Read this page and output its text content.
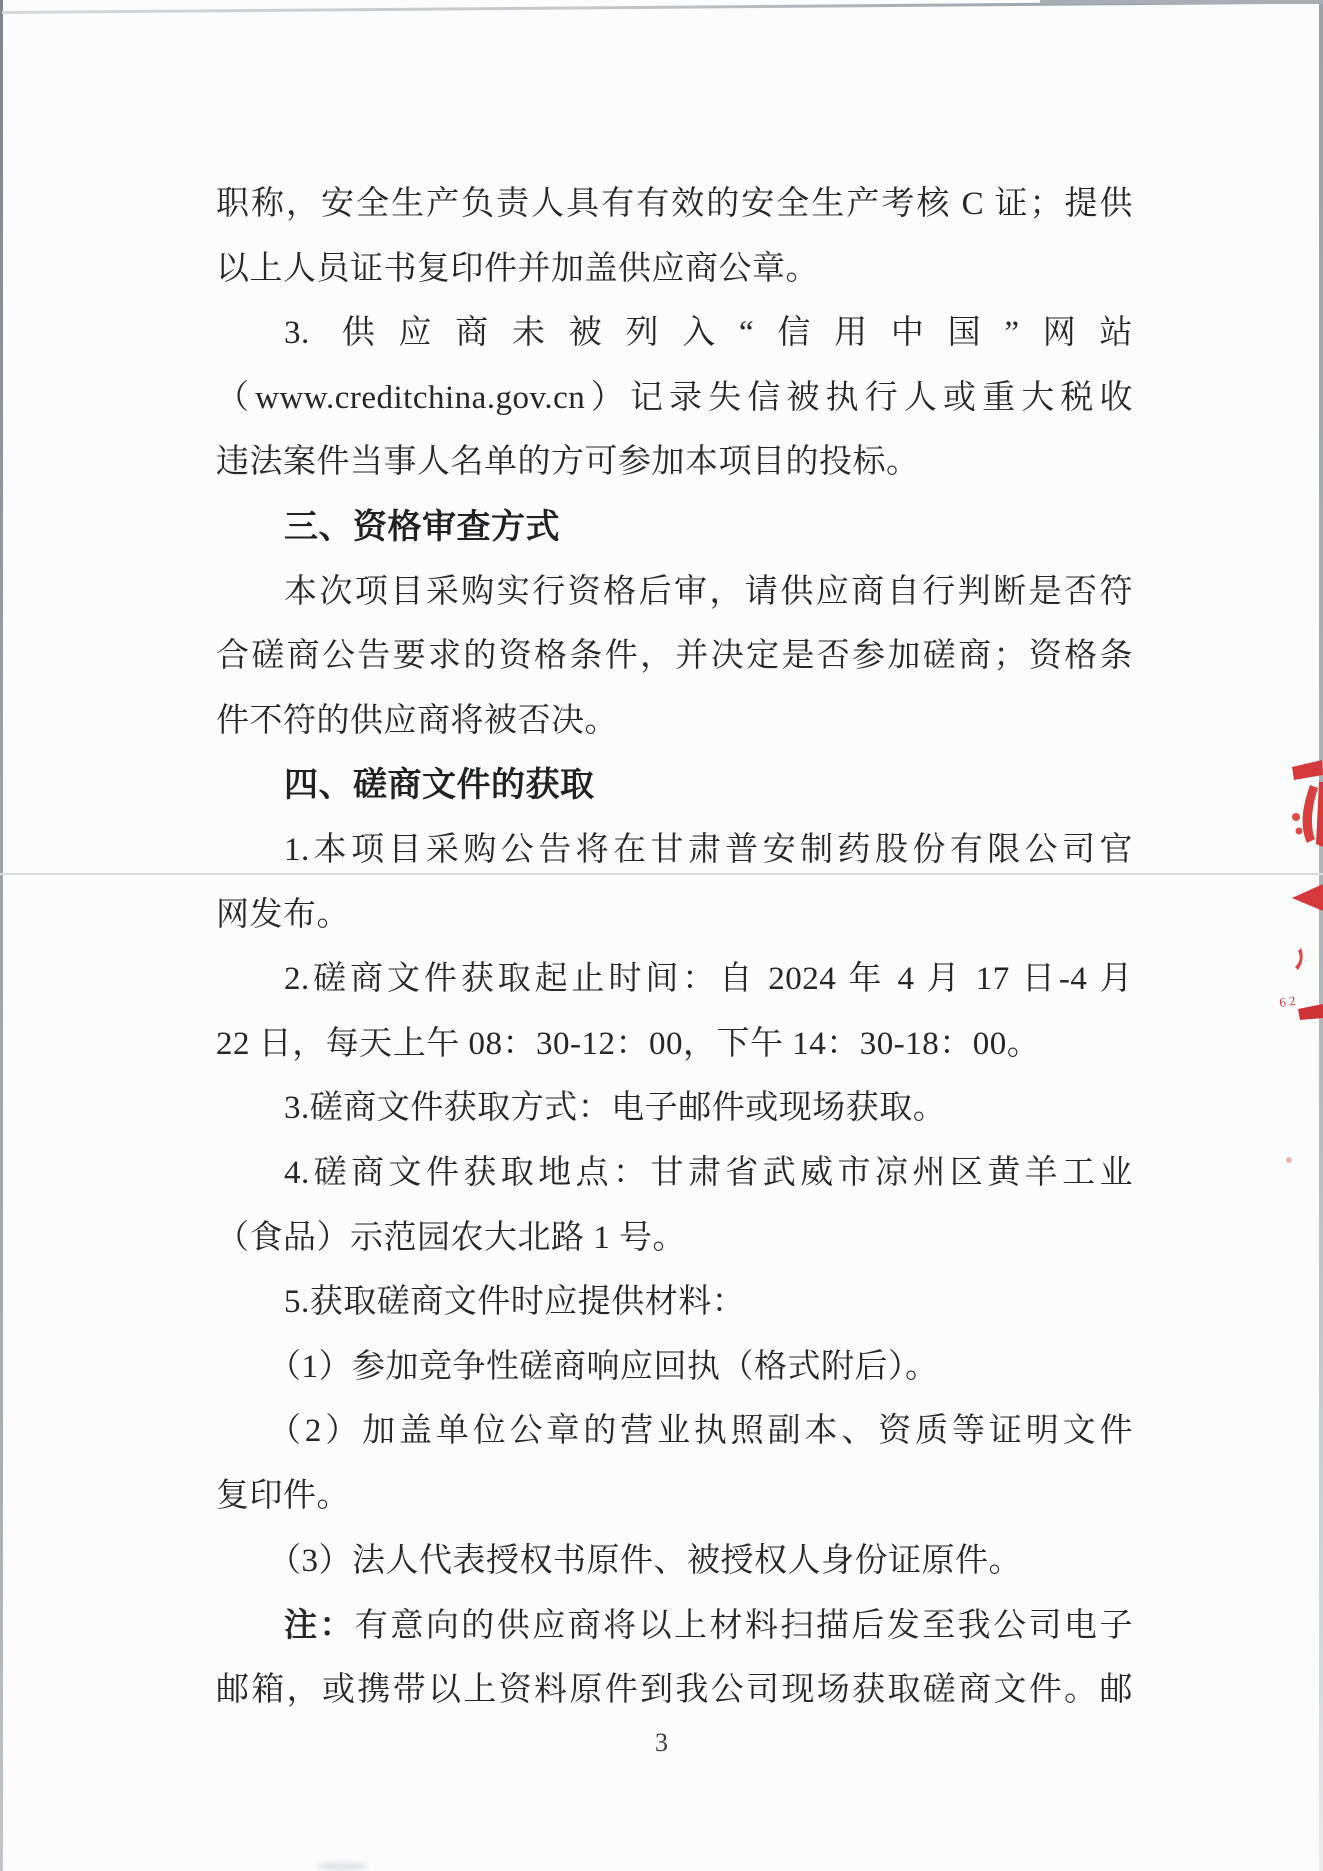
职称，安全生产负责人具有有效的安全生产考核 C 证；提供
以上人员证书复印件并加盖供应商公章。
3. 供应商未被列入“信用中国”网站
（www.creditchina.gov.cn）记录失信被执行人或重大税收
违法案件当事人名单的方可参加本项目的投标。
三、资格审查方式
本次项目采购实行资格后审，请供应商自行判断是否符
合磋商公告要求的资格条件，并决定是否参加磋商；资格条
件不符的供应商将被否决。
四、磋商文件的获取
1.本项目采购公告将在甘肃普安制药股份有限公司官
网发布。
2.磋商文件获取起止时间：自 2024 年 4 月 17 日-4 月
22 日，每天上午 08：30-12：00，下午 14：30-18：00。
3.磋商文件获取方式：电子邮件或现场获取。
4.磋商文件获取地点：甘肃省武威市凉州区黄羊工业
（食品）示范园农大北路 1 号。
5.获取磋商文件时应提供材料：
（1）参加竞争性磋商响应回执（格式附后）。
（2）加盖单位公章的营业执照副本、资质等证明文件
复印件。
（3）法人代表授权书原件、被授权人身份证原件。
注：有意向的供应商将以上材料扫描后发至我公司电子
邮箱，或携带以上资料原件到我公司现场获取磋商文件。邮
6 2
3
